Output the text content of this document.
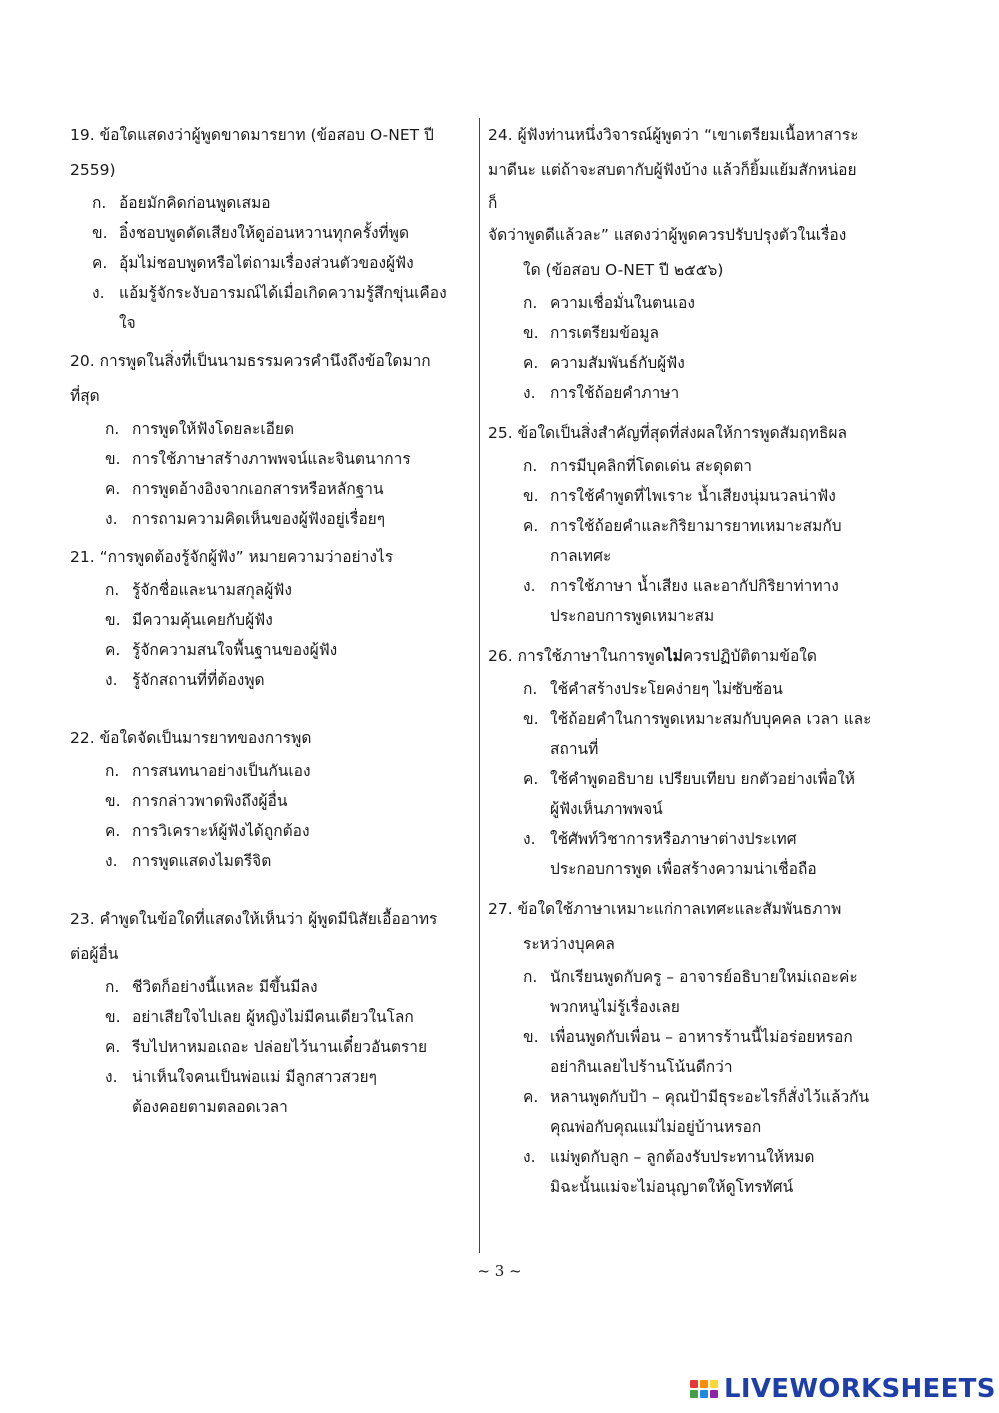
19. ข้อใดแสดงว่าผู้พูดขาดมารยาท (ข้อสอบ O-NET ปี

2559)

ก. อ้อยมักคิดก่อนพูดเสมอ
ข. อิ๋งชอบพูดดัดเสียงให้ดูอ่อนหวานทุกครั้งที่พูด
ค. อุ้มไม่ชอบพูดหรือไต่ถามเรื่องส่วนตัวของผู้ฟัง
ง. แอ้มรู้จักระงับอารมณ์ได้เมื่อเกิดความรู้สึกขุ่นเคือง
ใจ

20. การพูดในสิ่งที่เป็นนามธรรมควรคำนึงถึงข้อใดมาก

ที่สุด

ก. การพูดให้ฟังโดยละเอียด
ข. การใช้ภาษาสร้างภาพพจน์และจินตนาการ
ค. การพูดอ้างอิงจากเอกสารหรือหลักฐาน
ง. การถามความคิดเห็นของผู้ฟังอยู่เรื่อยๆ

21. “การพูดต้องรู้จักผู้ฟัง” หมายความว่าอย่างไร

ก. รู้จักชื่อและนามสกุลผู้ฟัง
ข. มีความคุ้นเคยกับผู้ฟัง
ค. รู้จักความสนใจพื้นฐานของผู้ฟัง
ง. รู้จักสถานที่ที่ต้องพูด

22. ข้อใดจัดเป็นมารยาทของการพูด

ก. การสนทนาอย่างเป็นกันเอง
ข. การกล่าวพาดพิงถึงผู้อื่น
ค. การวิเคราะห์ผู้ฟังได้ถูกต้อง
ง. การพูดแสดงไมตรีจิต

23. คำพูดในข้อใดที่แสดงให้เห็นว่า ผู้พูดมีนิสัยเอื้ออาทร

ต่อผู้อื่น

ก. ชีวิตก็อย่างนี้แหละ มีขึ้นมีลง
ข. อย่าเสียใจไปเลย ผู้หญิงไม่มีคนเดียวในโลก
ค. รีบไปหาหมอเถอะ ปล่อยไว้นานเดี๋ยวอันตราย
ง. น่าเห็นใจคนเป็นพ่อแม่ มีลูกสาวสวยๆ
ต้องคอยตามตลอดเวลา

24. ผู้ฟังท่านหนึ่งวิจารณ์ผู้พูดว่า “เขาเตรียมเนื้อหาสาระ

มาดีนะ แต่ถ้าจะสบตากับผู้ฟังบ้าง แล้วก็ยิ้มแย้มสักหน่อย

ก็

จัดว่าพูดดีแล้วละ” แสดงว่าผู้พูดควรปรับปรุงตัวในเรื่อง

ใด (ข้อสอบ O-NET ปี ๒๕๕๖)

ก. ความเชื่อมั่นในตนเอง
ข. การเตรียมข้อมูล
ค. ความสัมพันธ์กับผู้ฟัง
ง. การใช้ถ้อยคำภาษา

25. ข้อใดเป็นสิ่งสำคัญที่สุดที่ส่งผลให้การพูดสัมฤทธิผล

ก. การมีบุคลิกที่โดดเด่น สะดุดตา
ข. การใช้คำพูดที่ไพเราะ น้ำเสียงนุ่มนวลน่าฟัง
ค. การใช้ถ้อยคำและกิริยามารยาทเหมาะสมกับ
กาลเทศะ
ง. การใช้ภาษา น้ำเสียง และอากัปกิริยาท่าทาง
ประกอบการพูดเหมาะสม

26. การใช้ภาษาในการพูดไม่ควรปฏิบัติตามข้อใด

ก. ใช้คำสร้างประโยคง่ายๆ ไม่ซับซ้อน
ข. ใช้ถ้อยคำในการพูดเหมาะสมกับบุคคล เวลา และ
สถานที่
ค. ใช้คำพูดอธิบาย เปรียบเทียบ ยกตัวอย่างเพื่อให้
ผู้ฟังเห็นภาพพจน์
ง. ใช้ศัพท์วิชาการหรือภาษาต่างประเทศ
ประกอบการพูด เพื่อสร้างความน่าเชื่อถือ

27. ข้อใดใช้ภาษาเหมาะแก่กาลเทศะและสัมพันธภาพ

ระหว่างบุคคล

ก. นักเรียนพูดกับครู – อาจารย์อธิบายใหม่เถอะค่ะ
พวกหนูไม่รู้เรื่องเลย
ข. เพื่อนพูดกับเพื่อน – อาหารร้านนี้ไม่อร่อยหรอก
อย่ากินเลยไปร้านโน้นดีกว่า
ค. หลานพูดกับป้า – คุณป้ามีธุระอะไรก็สั่งไว้แล้วกัน
คุณพ่อกับคุณแม่ไม่อยู่บ้านหรอก
ง. แม่พูดกับลูก – ลูกต้องรับประทานให้หมด
มิฉะนั้นแม่จะไม่อนุญาตให้ดูโทรทัศน์
~ 3 ~
LIVEWORKSHEETS
